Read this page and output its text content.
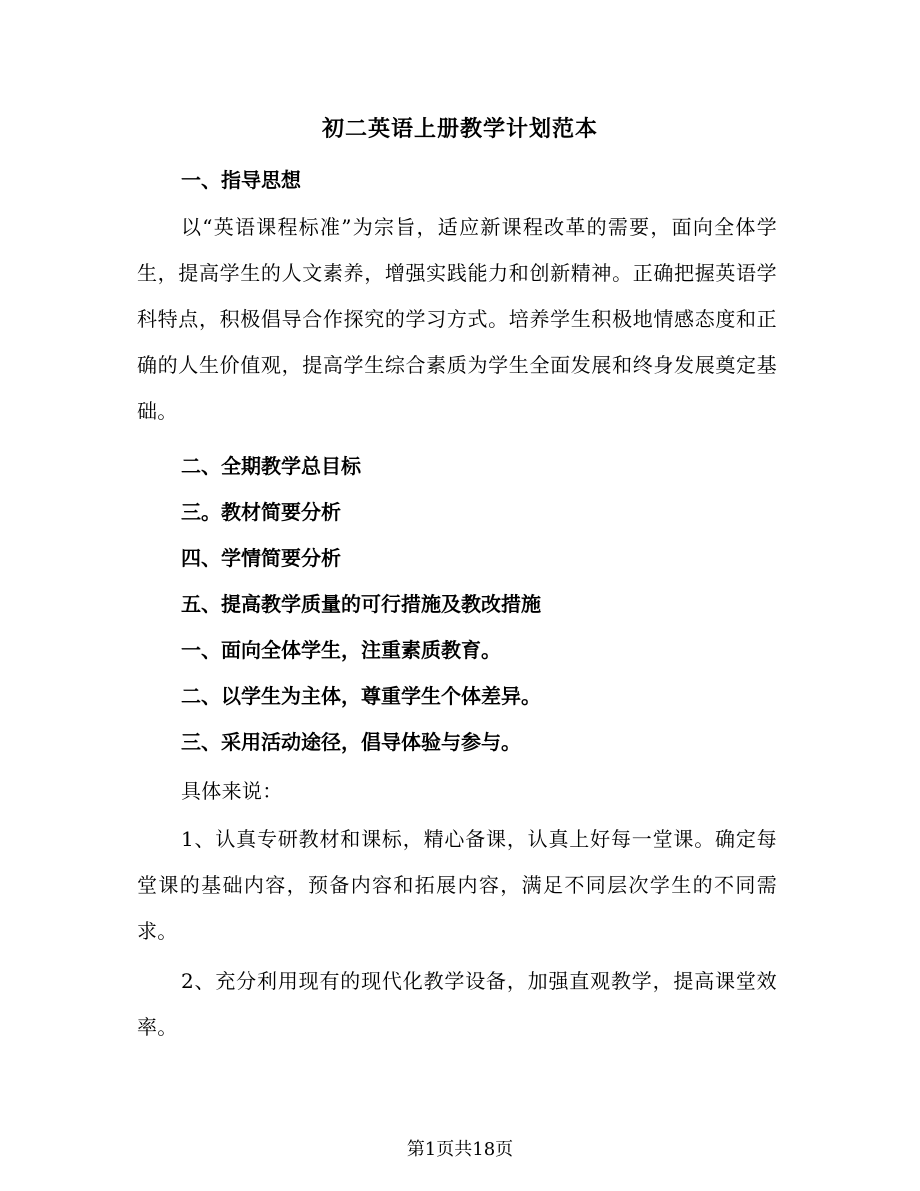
初二英语上册教学计划范本
一、指导思想
以“英语课程标准”为宗旨，适应新课程改革的需要，面向全体学生，提高学生的人文素养，增强实践能力和创新精神。正确把握英语学科特点，积极倡导合作探究的学习方式。培养学生积极地情感态度和正确的人生价值观，提高学生综合素质为学生全面发展和终身发展奠定基础。
二、全期教学总目标
三。教材简要分析
四、学情简要分析
五、提高教学质量的可行措施及教改措施
一、面向全体学生，注重素质教育。
二、以学生为主体，尊重学生个体差异。
三、采用活动途径，倡导体验与参与。
具体来说：
1、认真专研教材和课标，精心备课，认真上好每一堂课。确定每堂课的基础内容，预备内容和拓展内容，满足不同层次学生的不同需求。
2、充分利用现有的现代化教学设备，加强直观教学，提高课堂效率。
第1页共18页
